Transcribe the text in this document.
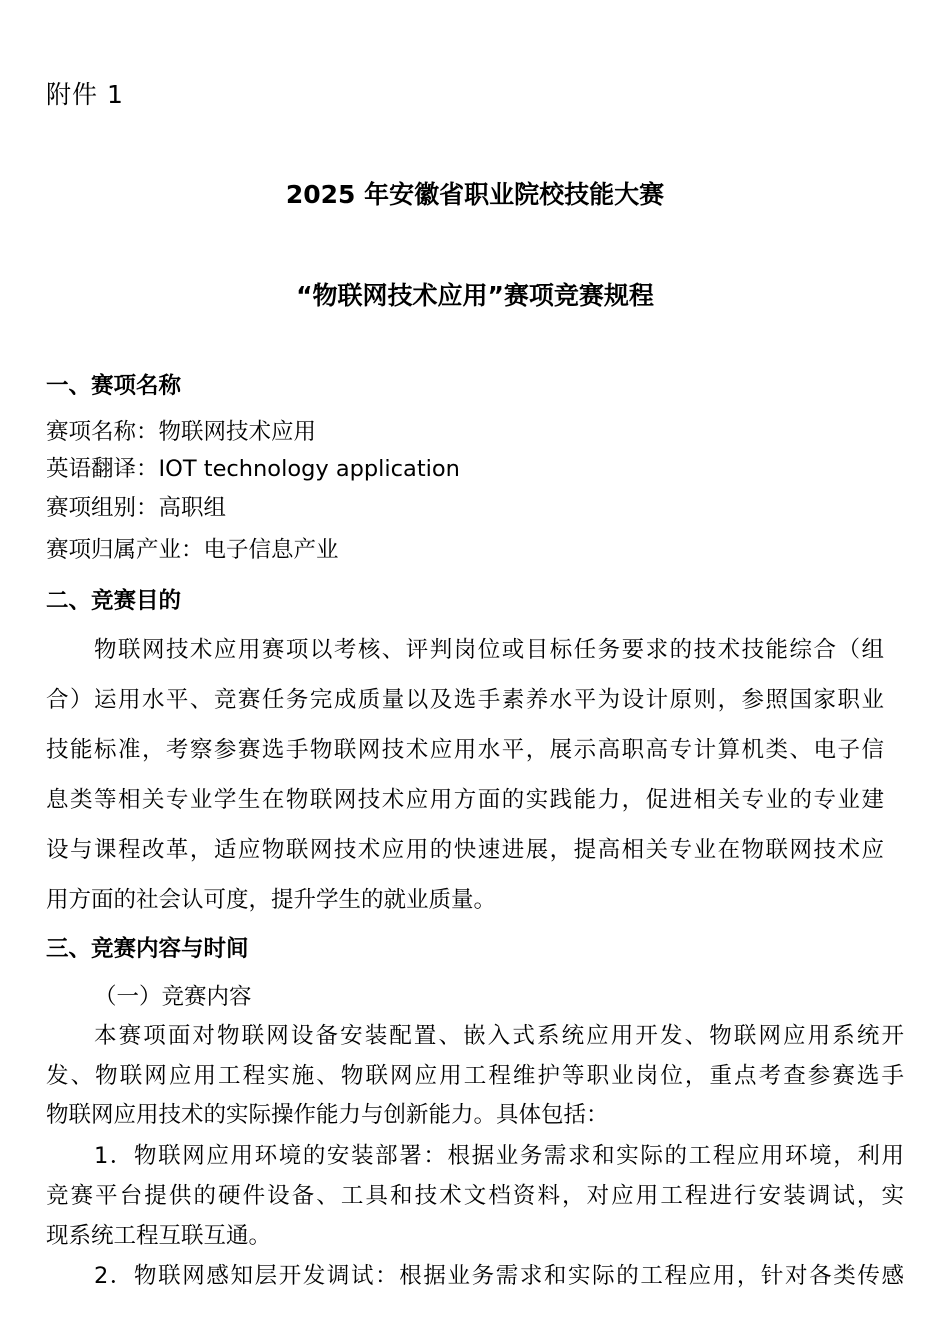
附件 1
2025 年安徽省职业院校技能大赛
“物联网技术应用”赛项竞赛规程
一、赛项名称
赛项名称：物联网技术应用
英语翻译：IOT technology application
赛项组别：高职组
赛项归属产业：电子信息产业
二、竞赛目的
物联网技术应用赛项以考核、评判岗位或目标任务要求的技术技能综合（组
合）运用水平、竞赛任务完成质量以及选手素养水平为设计原则，参照国家职业
技能标准，考察参赛选手物联网技术应用水平，展示高职高专计算机类、电子信
息类等相关专业学生在物联网技术应用方面的实践能力，促进相关专业的专业建
设与课程改革，适应物联网技术应用的快速进展，提高相关专业在物联网技术应
用方面的社会认可度，提升学生的就业质量。
三、竞赛内容与时间
（一）竞赛内容
本赛项面对物联网设备安装配置、嵌入式系统应用开发、物联网应用系统开
发、物联网应用工程实施、物联网应用工程维护等职业岗位，重点考查参赛选手
物联网应用技术的实际操作能力与创新能力。具体包括：
1．物联网应用环境的安装部署：根据业务需求和实际的工程应用环境，利用
竞赛平台提供的硬件设备、工具和技术文档资料，对应用工程进行安装调试，实
现系统工程互联互通。
2．物联网感知层开发调试：根据业务需求和实际的工程应用，针对各类传感
